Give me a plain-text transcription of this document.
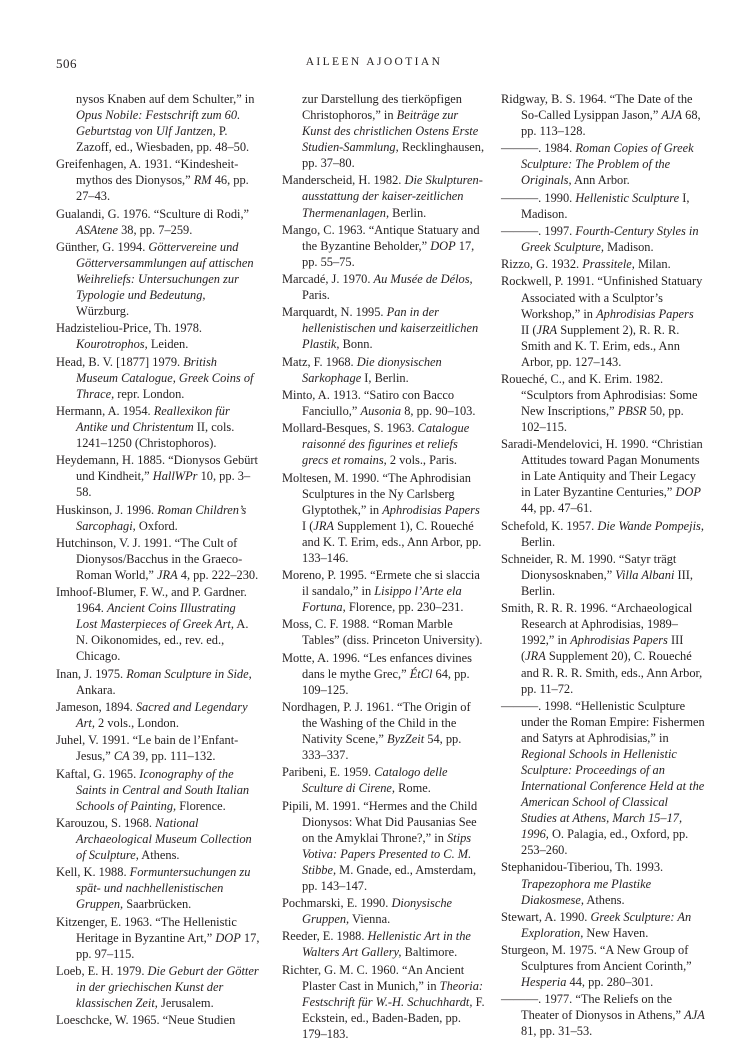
506	AILEEN AJOOTIAN

nysos Knaben auf dem Schulter,” in Opus Nobile: Festschrift zum 60. Geburtstag von Ulf Jantzen, P. Zazoff, ed., Wiesbaden, pp. 48–50.

Greifenhagen, A. 1931. “Kindesheit-mythos des Dionysos,” RM 46, pp. 27–43.

Gualandi, G. 1976. “Sculture di Rodi,” ASAtene 38, pp. 7–259.

Günther, G. 1994. Göttervereine und Götterversammlungen auf attischen Weihreliefs: Untersuchungen zur Typologie und Bedeutung, Würzburg.

Hadzisteliou-Price, Th. 1978. Kourotrophos, Leiden.

Head, B. V. [1877] 1979. British Museum Catalogue, Greek Coins of Thrace, repr. London.

Hermann, A. 1954. Reallexikon für Antike und Christentum II, cols. 1241–1250 (Christophoros).

Heydemann, H. 1885. “Dionysos Gebürt und Kindheit,” HallWPr 10, pp. 3–58.

Huskinson, J. 1996. Roman Children’s Sarcophagi, Oxford.

Hutchinson, V. J. 1991. “The Cult of Dionysos/Bacchus in the Graeco-Roman World,” JRA 4, pp. 222–230.

Imhoof-Blumer, F. W., and P. Gardner. 1964. Ancient Coins Illustrating Lost Masterpieces of Greek Art, A. N. Oikonomides, ed., rev. ed., Chicago.

Inan, J. 1975. Roman Sculpture in Side, Ankara.

Jameson, 1894. Sacred and Legendary Art, 2 vols., London.

Juhel, V. 1991. “Le bain de l’Enfant-Jesus,” CA 39, pp. 111–132.

Kaftal, G. 1965. Iconography of the Saints in Central and South Italian Schools of Painting, Florence.

Karouzou, S. 1968. National Archaeological Museum Collection of Sculpture, Athens.

Kell, K. 1988. Formuntersuchungen zu spät- und nachhellenistischen Gruppen, Saarbrücken.

Kitzenger, E. 1963. “The Hellenistic Heritage in Byzantine Art,” DOP 17, pp. 97–115.

Loeb, E. H. 1979. Die Geburt der Götter in der griechischen Kunst der klassischen Zeit, Jerusalem.

Loeschcke, W. 1965. “Neue Studien

zur Darstellung des tierköpfigen Christophoros,” in Beiträge zur Kunst des christlichen Ostens Erste Studien-Sammlung, Recklinghausen, pp. 37–80.

Manderscheid, H. 1982. Die Skulpturen-ausstattung der kaiser-zeitlichen Thermenanlagen, Berlin.

Mango, C. 1963. “Antique Statuary and the Byzantine Beholder,” DOP 17, pp. 55–75.

Marcadé, J. 1970. Au Musée de Délos, Paris.

Marquardt, N. 1995. Pan in der hellenistischen und kaiserzeitlichen Plastik, Bonn.

Matz, F. 1968. Die dionysischen Sarkophage I, Berlin.

Minto, A. 1913. “Satiro con Bacco Fanciullo,” Ausonia 8, pp. 90–103.

Mollard-Besques, S. 1963. Catalogue raisonné des figurines et reliefs grecs et romains, 2 vols., Paris.

Moltesen, M. 1990. “The Aphrodisian Sculptures in the Ny Carlsberg Glyptothek,” in Aphrodisias Papers I (JRA Supplement 1), C. Roueché and K. T. Erim, eds., Ann Arbor, pp. 133–146.

Moreno, P. 1995. “Ermete che si slaccia il sandalo,” in Lisippo l’Arte ela Fortuna, Florence, pp. 230–231.

Moss, C. F. 1988. “Roman Marble Tables” (diss. Princeton University).

Motte, A. 1996. “Les enfances divines dans le mythe Grec,” ÉtCl 64, pp. 109–125.

Nordhagen, P. J. 1961. “The Origin of the Washing of the Child in the Nativity Scene,” ByzZeit 54, pp. 333–337.

Paribeni, E. 1959. Catalogo delle Sculture di Cirene, Rome.

Pipili, M. 1991. “Hermes and the Child Dionysos: What Did Pausanias See on the Amyklai Throne?,” in Stips Votiva: Papers Presented to C. M. Stibbe, M. Gnade, ed., Amsterdam, pp. 143–147.

Pochmarski, E. 1990. Dionysische Gruppen, Vienna.

Reeder, E. 1988. Hellenistic Art in the Walters Art Gallery, Baltimore.

Richter, G. M. C. 1960. “An Ancient Plaster Cast in Munich,” in Theoria: Festschrift für W.-H. Schuchhardt, F. Eckstein, ed., Baden-Baden, pp. 179–183.

Ridgway, B. S. 1964. “The Date of the So-Called Lysippan Jason,” AJA 68, pp. 113–128.

———. 1984. Roman Copies of Greek Sculpture: The Problem of the Originals, Ann Arbor.

———. 1990. Hellenistic Sculpture I, Madison.

———. 1997. Fourth-Century Styles in Greek Sculpture, Madison.

Rizzo, G. 1932. Prassitele, Milan.

Rockwell, P. 1991. “Unfinished Statuary Associated with a Sculptor’s Workshop,” in Aphrodisias Papers II (JRA Supplement 2), R. R. R. Smith and K. T. Erim, eds., Ann Arbor, pp. 127–143.

Roueché, C., and K. Erim. 1982. “Sculptors from Aphrodisias: Some New Inscriptions,” PBSR 50, pp. 102–115.

Saradi-Mendelovici, H. 1990. “Christian Attitudes toward Pagan Monuments in Late Antiquity and Their Legacy in Later Byzantine Centuries,” DOP 44, pp. 47–61.

Schefold, K. 1957. Die Wande Pompejis, Berlin.

Schneider, R. M. 1990. “Satyr trägt Dionysosknaben,” Villa Albani III, Berlin.

Smith, R. R. R. 1996. “Archaeological Research at Aphrodisias, 1989–1992,” in Aphrodisias Papers III (JRA Supplement 20), C. Roueché and R. R. R. Smith, eds., Ann Arbor, pp. 11–72.

———. 1998. “Hellenistic Sculpture under the Roman Empire: Fishermen and Satyrs at Aphrodisias,” in Regional Schools in Hellenistic Sculpture: Proceedings of an International Conference Held at the American School of Classical Studies at Athens, March 15–17, 1996, O. Palagia, ed., Oxford, pp. 253–260.

Stephanidou-Tiberiou, Th. 1993. Trapezophora me Plastike Diakosmese, Athens.

Stewart, A. 1990. Greek Sculpture: An Exploration, New Haven.

Sturgeon, M. 1975. “A New Group of Sculptures from Ancient Corinth,” Hesperia 44, pp. 280–301.

———. 1977. “The Reliefs on the Theater of Dionysos in Athens,” AJA 81, pp. 31–53.
